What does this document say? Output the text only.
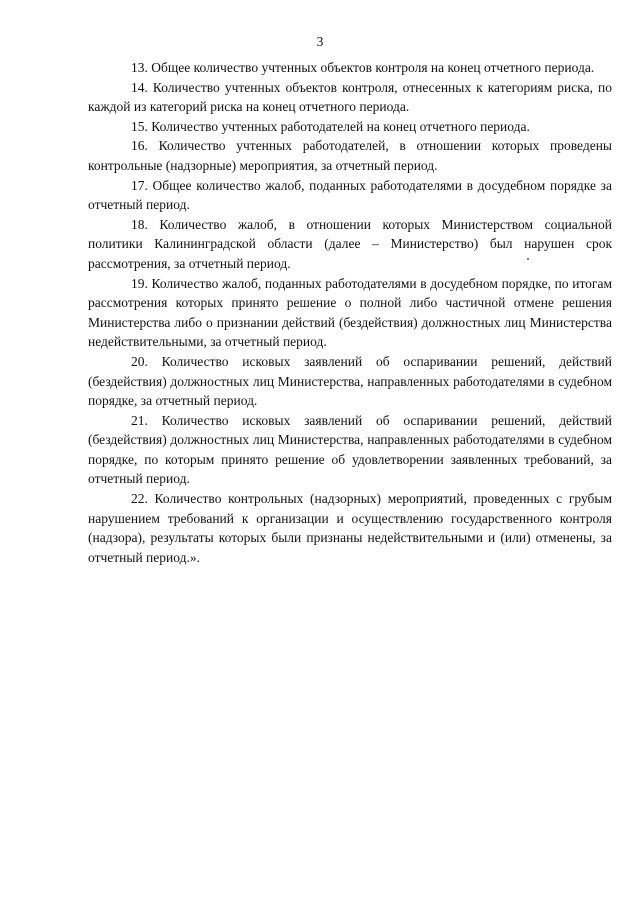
3

13. Общее количество учтенных объектов контроля на конец отчетного периода.

14. Количество учтенных объектов контроля, отнесенных к категориям риска, по каждой из категорий риска на конец отчетного периода.

15. Количество учтенных работодателей на конец отчетного периода.

16. Количество учтенных работодателей, в отношении которых проведены контрольные (надзорные) мероприятия, за отчетный период.

17. Общее количество жалоб, поданных работодателями в досудебном порядке за отчетный период.

18. Количество жалоб, в отношении которых Министерством социальной политики Калининградской области (далее – Министерство) был нарушен срок рассмотрения, за отчетный период.

19. Количество жалоб, поданных работодателями в досудебном порядке, по итогам рассмотрения которых принято решение о полной либо частичной отмене решения Министерства либо о признании действий (бездействия) должностных лиц Министерства недействительными, за отчетный период.

20. Количество исковых заявлений об оспаривании решений, действий (бездействия) должностных лиц Министерства, направленных работодателями в судебном порядке, за отчетный период.

21. Количество исковых заявлений об оспаривании решений, действий (бездействия) должностных лиц Министерства, направленных работодателями в судебном порядке, по которым принято решение об удовлетворении заявленных требований, за отчетный период.

22. Количество контрольных (надзорных) мероприятий, проведенных с грубым нарушением требований к организации и осуществлению государственного контроля (надзора), результаты которых были признаны недействительными и (или) отменены, за отчетный период.».
